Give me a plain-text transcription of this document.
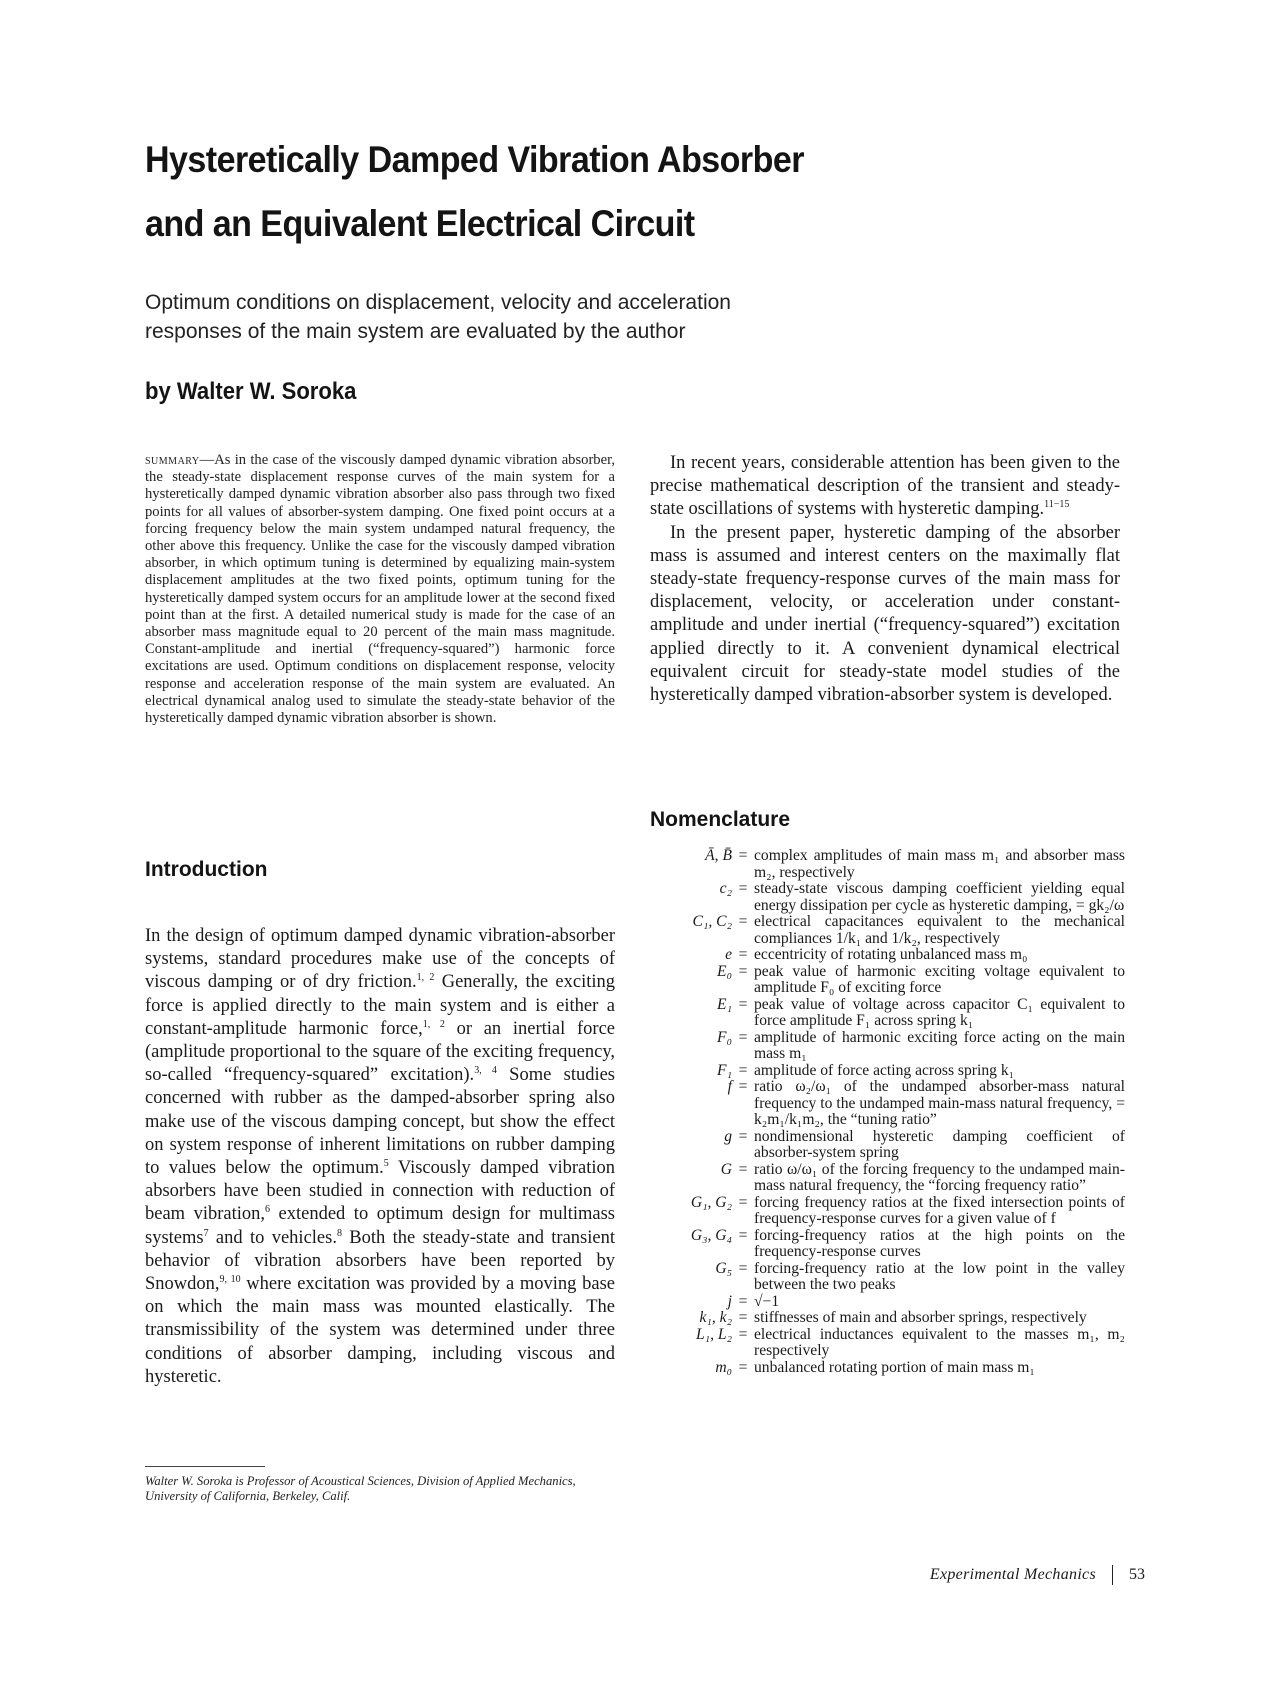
Hysteretically Damped Vibration Absorber
and an Equivalent Electrical Circuit
Optimum conditions on displacement, velocity and acceleration
responses of the main system are evaluated by the author
by Walter W. Soroka
summary—As in the case of the viscously damped dynamic vibration absorber, the steady-state displacement response curves of the main system for a hysteretically damped dynamic vibration absorber also pass through two fixed points for all values of absorber-system damping. One fixed point occurs at a forcing frequency below the main system undamped natural frequency, the other above this frequency. Unlike the case for the viscously damped vibration absorber, in which optimum tuning is determined by equalizing main-system displacement amplitudes at the two fixed points, optimum tuning for the hysteretically damped system occurs for an amplitude lower at the second fixed point than at the first. A detailed numerical study is made for the case of an absorber mass magnitude equal to 20 percent of the main mass magnitude. Constant-amplitude and inertial (“frequency-squared”) harmonic force excitations are used. Optimum conditions on displacement response, velocity response and acceleration response of the main system are evaluated. An electrical dynamical analog used to simulate the steady-state behavior of the hysteretically damped dynamic vibration absorber is shown.
Introduction
In the design of optimum damped dynamic vibration-absorber systems, standard procedures make use of the concepts of viscous damping or of dry friction.$^{1, 2}$ Generally, the exciting force is applied directly to the main system and is either a constant-amplitude harmonic force,$^{1, 2}$ or an inertial force (amplitude proportional to the square of the exciting frequency, so-called “frequency-squared” excitation).$^{3, 4}$ Some studies concerned with rubber as the damped-absorber spring also make use of the viscous damping concept, but show the effect on system response of inherent limitations on rubber damping to values below the optimum.$^5$ Viscously damped vibration absorbers have been studied in connection with reduction of beam vibration,$^6$ extended to optimum design for multimass systems$^7$ and to vehicles.$^8$ Both the steady-state and transient behavior of vibration absorbers have been reported by Snowdon,$^{9, 10}$ where excitation was provided by a moving base on which the main mass was mounted elastically. The transmissibility of the system was determined under three conditions of absorber damping, including viscous and hysteretic.
Walter W. Soroka is Professor of Acoustical Sciences, Division of Applied Mechanics, University of California, Berkeley, Calif.

In recent years, considerable attention has been given to the precise mathematical description of the transient and steady-state oscillations of systems with hysteretic damping.$^{11-15}$

In the present paper, hysteretic damping of the absorber mass is assumed and interest centers on the maximally flat steady-state frequency-response curves of the main mass for displacement, velocity, or acceleration under constant-amplitude and under inertial (“frequency-squared”) excitation applied directly to it. A convenient dynamical electrical equivalent circuit for steady-state model studies of the hysteretically damped vibration-absorber system is developed.

Nomenclature
Ā, B̄ = complex amplitudes of main mass m₁ and absorber mass m₂, respectively
c₂ = steady-state viscous damping coefficient yielding equal energy dissipation per cycle as hysteretic damping, = gk₂/ω
C₁, C₂ = electrical capacitances equivalent to the mechanical compliances 1/k₁ and 1/k₂, respectively
e = eccentricity of rotating unbalanced mass m₀
E₀ = peak value of harmonic exciting voltage equivalent to amplitude F₀ of exciting force
E₁ = peak value of voltage across capacitor C₁ equivalent to force amplitude F₁ across spring k₁
F₀ = amplitude of harmonic exciting force acting on the main mass m₁
F₁ = amplitude of force acting across spring k₁
f = ratio ω₂/ω₁ of the undamped absorber-mass natural frequency to the undamped main-mass natural frequency, = k₂m₁/k₁m₂, the “tuning ratio”
g = nondimensional hysteretic damping coefficient of absorber-system spring
G = ratio ω/ω₁ of the forcing frequency to the undamped main-mass natural frequency, the “forcing frequency ratio”
G₁, G₂ = forcing frequency ratios at the fixed intersection points of frequency-response curves for a given value of f
G₃, G₄ = forcing-frequency ratios at the high points on the frequency-response curves
G₅ = forcing-frequency ratio at the low point in the valley between the two peaks
j = √−1
k₁, k₂ = stiffnesses of main and absorber springs, respectively
L₁, L₂ = electrical inductances equivalent to the masses m₁, m₂ respectively
m₀ = unbalanced rotating portion of main mass m₁
Experimental Mechanics 53
